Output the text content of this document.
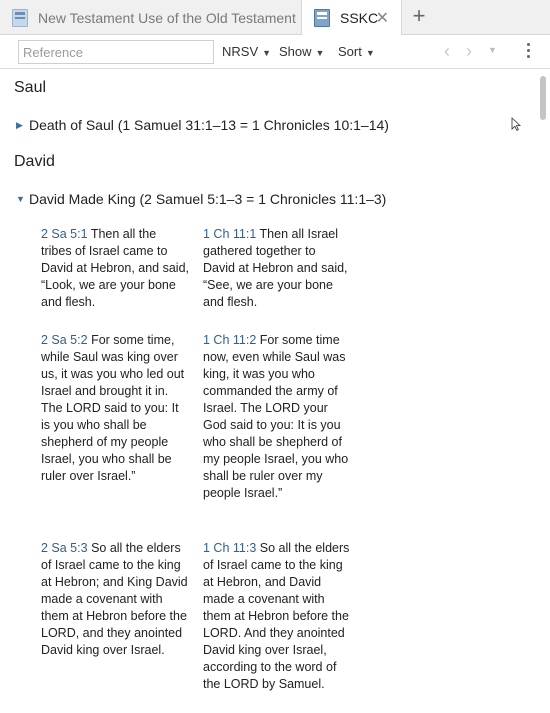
New Testament Use of the Old Testament	SSKC
✕ +
Reference
NRSV ▼ Show ▼ Sort ▼	‹ › ▼
Saul
▶ Death of Saul (1 Samuel 31:1–13 = 1 Chronicles 10:1–14)
David
▼ David Made King (2 Samuel 5:1–3 = 1 Chronicles 11:1–3)
2 Sa 5:1 Then all the tribes of Israel came to David at Hebron, and said, “Look, we are your bone and flesh.
1 Ch 11:1 Then all Israel gathered together to David at Hebron and said, “See, we are your bone and flesh.
2 Sa 5:2 For some time, while Saul was king over us, it was you who led out Israel and brought it in. The LORD said to you: It is you who shall be shepherd of my people Israel, you who shall be ruler over Israel.”
1 Ch 11:2 For some time now, even while Saul was king, it was you who commanded the army of Israel. The LORD your God said to you: It is you who shall be shepherd of my people Israel, you who shall be ruler over my people Israel.”
2 Sa 5:3 So all the elders of Israel came to the king at Hebron; and King David made a covenant with them at Hebron before the LORD, and they anointed David king over Israel.
1 Ch 11:3 So all the elders of Israel came to the king at Hebron, and David made a covenant with them at Hebron before the LORD. And they anointed David king over Israel, according to the word of the LORD by Samuel.
